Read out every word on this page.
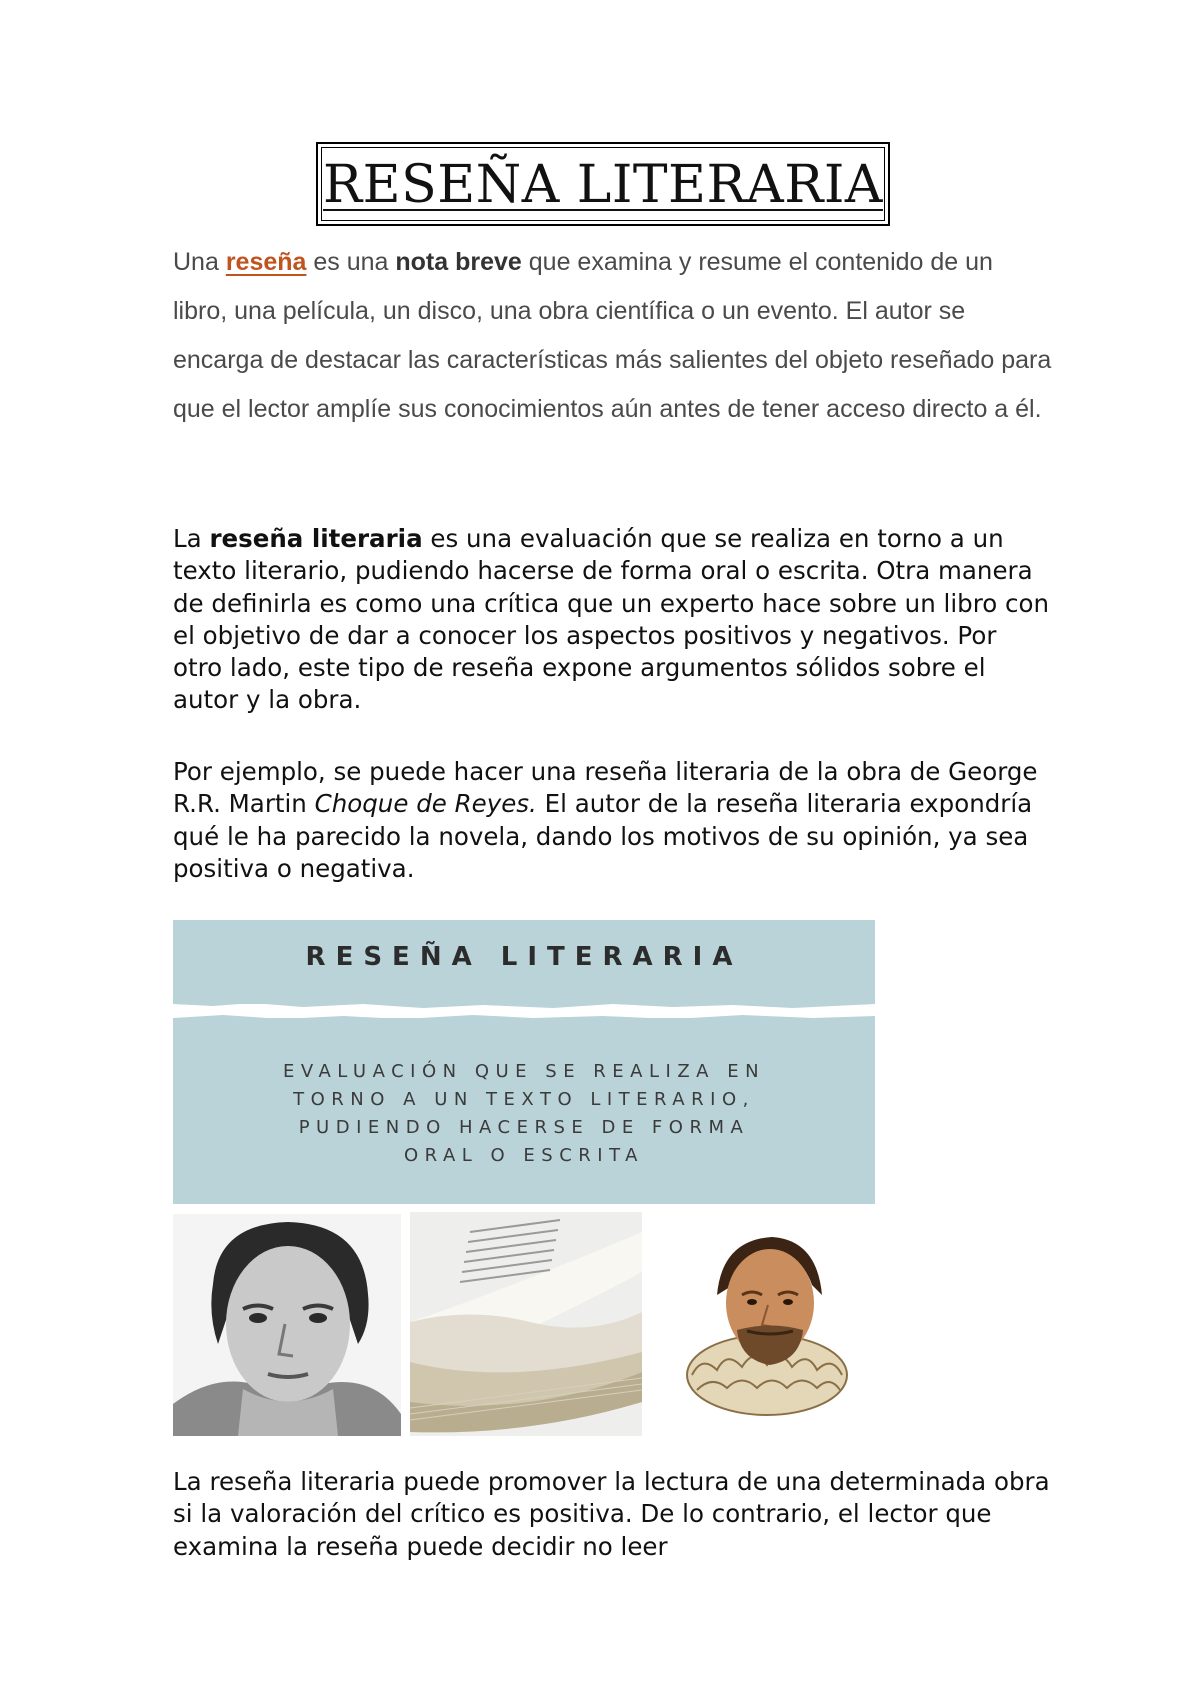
RESEÑA LITERARIA
Una reseña es una nota breve que examina y resume el contenido de un libro, una película, un disco, una obra científica o un evento. El autor se encarga de destacar las características más salientes del objeto reseñado para que el lector amplíe sus conocimientos aún antes de tener acceso directo a él.
La reseña literaria es una evaluación que se realiza en torno a un texto literario, pudiendo hacerse de forma oral o escrita. Otra manera de definirla es como una crítica que un experto hace sobre un libro con el objetivo de dar a conocer los aspectos positivos y negativos. Por otro lado, este tipo de reseña expone argumentos sólidos sobre el autor y la obra.
Por ejemplo, se puede hacer una reseña literaria de la obra de George R.R. Martin Choque de Reyes. El autor de la reseña literaria expondría qué le ha parecido la novela, dando los motivos de su opinión, ya sea positiva o negativa.
RESEÑA LITERARIA
EVALUACIÓN QUE SE REALIZA EN
TORNO A UN TEXTO LITERARIO,
PUDIENDO HACERSE DE FORMA
ORAL O ESCRITA
La reseña literaria puede promover la lectura de una determinada obra si la valoración del crítico es positiva. De lo contrario, el lector que examina la reseña puede decidir no leer
